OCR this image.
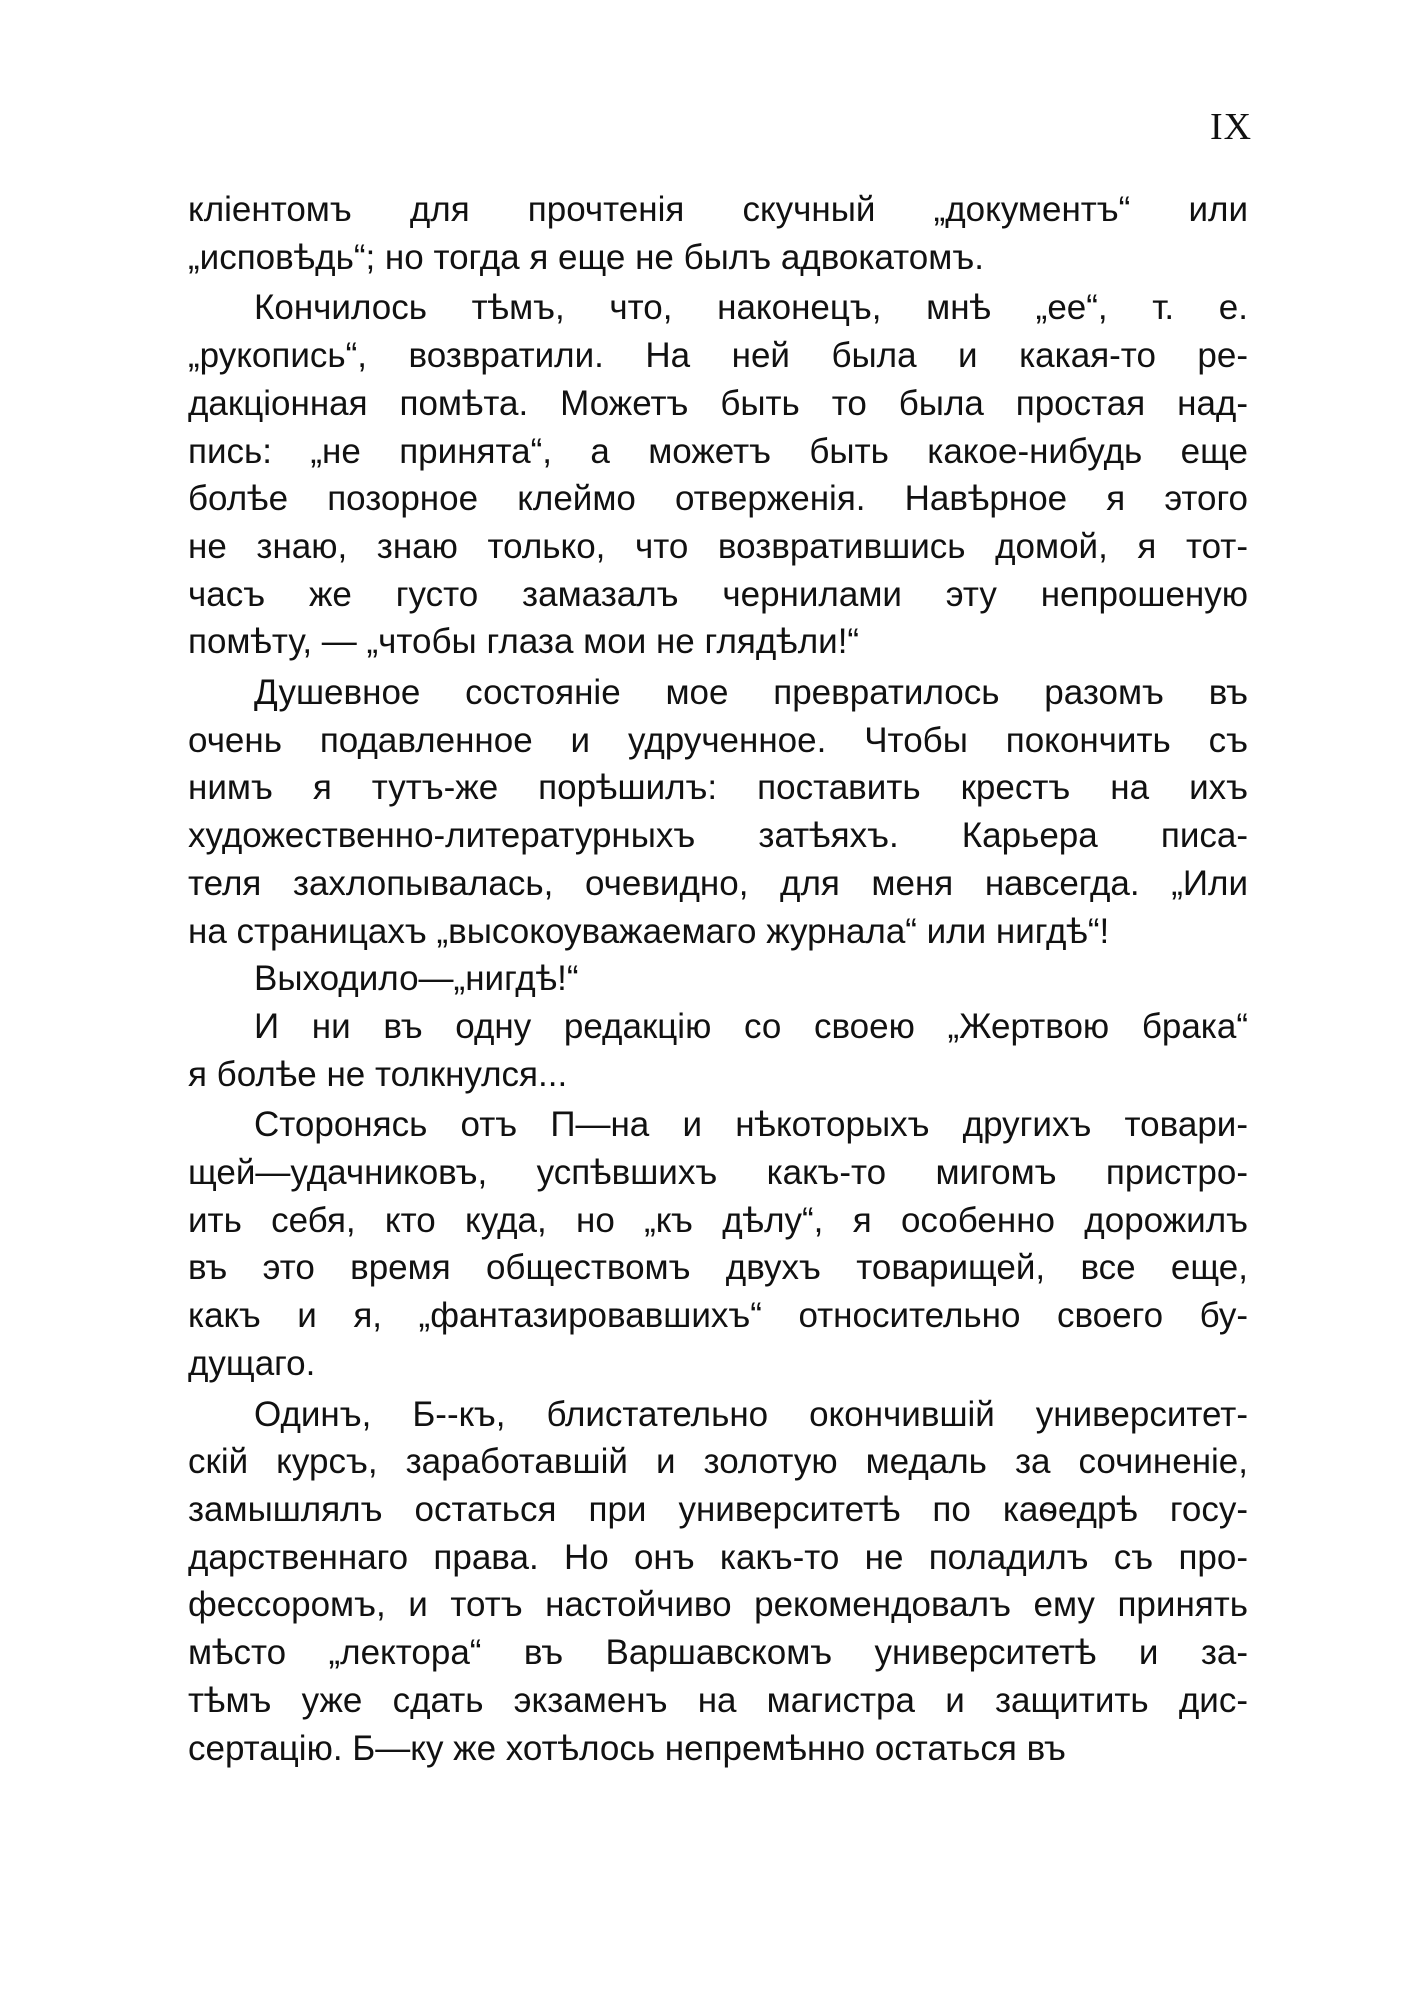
IX
кліентомъ для прочтенія скучный „документъ“ или
„исповѣдь“; но тогда я еще не былъ адвокатомъ.
Кончилось тѣмъ, что, наконецъ, мнѣ „ее“, т. е.
„рукопись“, возвратили. На ней была и какая-то ре-
дакціонная помѣта. Можетъ быть то была простая над-
пись: „не принята“, а можетъ быть какое-нибудь еще
болѣе позорное клеймо отверженія. Навѣрное я этого
не знаю, знаю только, что возвратившись домой, я тот-
часъ же густо замазалъ чернилами эту непрошеную
помѣту, — „чтобы глаза мои не глядѣли!“
Душевное состояніе мое превратилось разомъ въ
очень подавленное и удрученное. Чтобы покончить съ
нимъ я тутъ-же порѣшилъ: поставить крестъ на ихъ
художественно-литературныхъ затѣяхъ. Карьера писа-
теля захлопывалась, очевидно, для меня навсегда. „Или
на страницахъ „высокоуважаемаго журнала“ или нигдѣ“!
Выходило—„нигдѣ!“
И ни въ одну редакцію со своею „Жертвою брака“
я болѣе не толкнулся...
Сторонясь отъ П—на и нѣкоторыхъ другихъ товари-
щей—удачниковъ, успѣвшихъ какъ-то мигомъ пристро-
ить себя, кто куда, но „къ дѣлу“, я особенно дорожилъ
въ это время обществомъ двухъ товарищей, все еще,
какъ и я, „фантазировавшихъ“ относительно своего бу-
дущаго.
Одинъ, Б--къ, блистательно окончившій университет-
скій курсъ, заработавшій и золотую медаль за сочиненіе,
замышлялъ остаться при университетѣ по каѳедрѣ госу-
дарственнаго права. Но онъ какъ-то не поладилъ съ про-
фессоромъ, и тотъ настойчиво рекомендовалъ ему принять
мѣсто „лектора“ въ Варшавскомъ университетѣ и за-
тѣмъ уже сдать экзаменъ на магистра и защитить дис-
сертацію. Б—ку же хотѣлось непремѣнно остаться въ
